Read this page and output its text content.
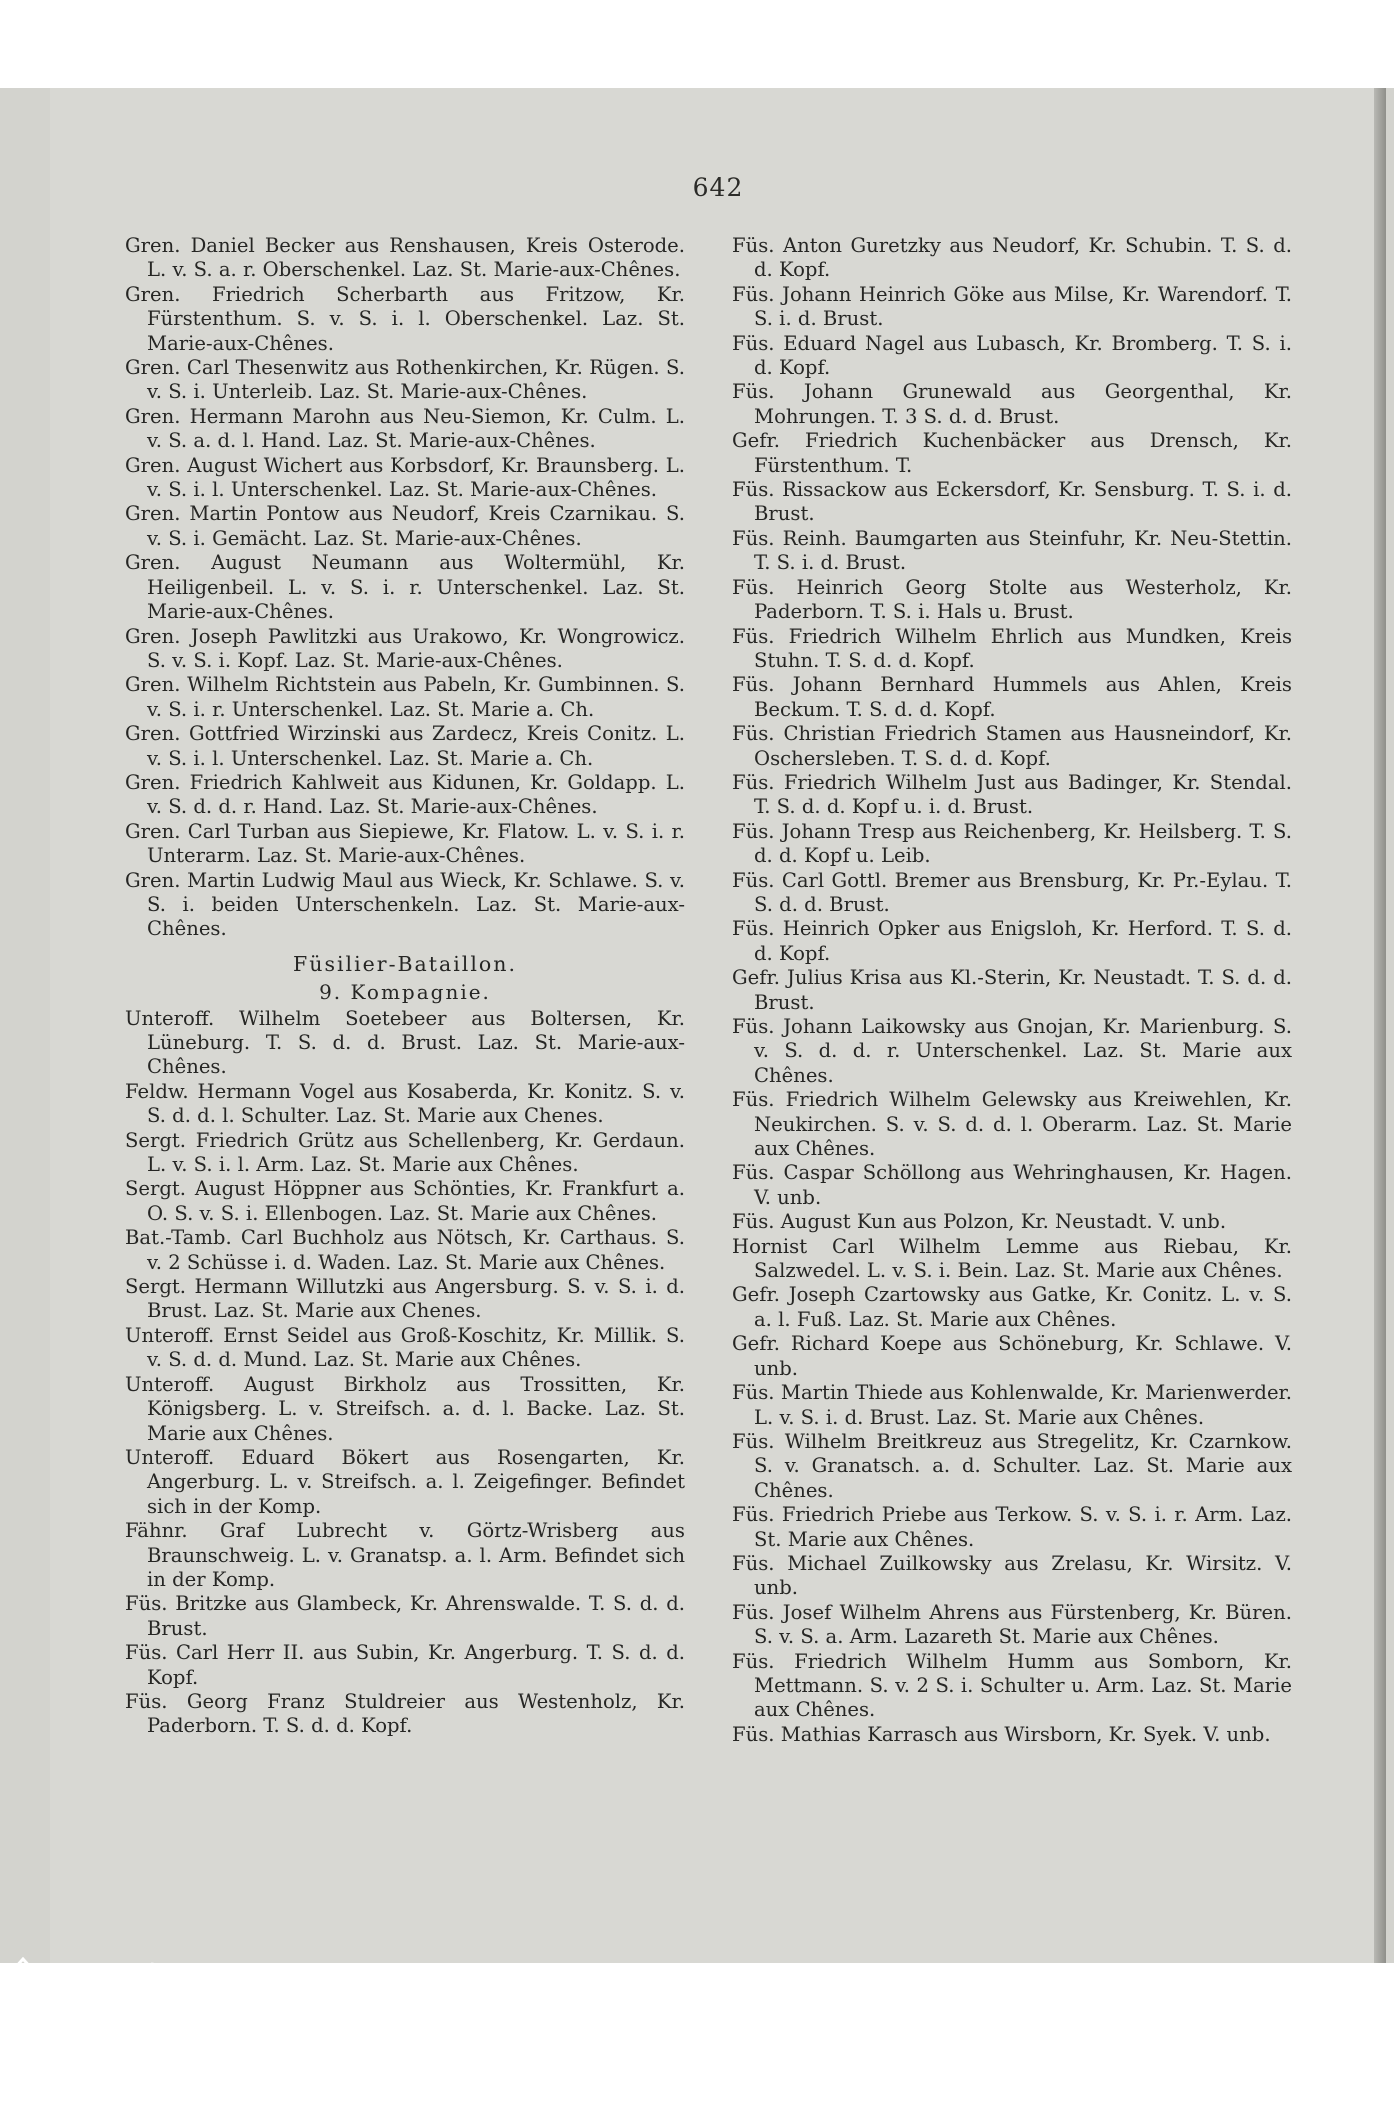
642

Gren. Daniel Becker aus Renshausen, Kreis Osterode. L. v. S. a. r. Oberschenkel. Laz. St. Marie-aux-Chênes.

Gren. Friedrich Scherbarth aus Fritzow, Kr. Fürstenthum. S. v. S. i. l. Oberschenkel. Laz. St. Marie-aux-Chênes.

Gren. Carl Thesenwitz aus Rothenkirchen, Kr. Rügen. S. v. S. i. Unterleib. Laz. St. Marie-aux-Chênes.

Gren. Hermann Marohn aus Neu-Siemon, Kr. Culm. L. v. S. a. d. l. Hand. Laz. St. Marie-aux-Chênes.

Gren. August Wichert aus Korbsdorf, Kr. Braunsberg. L. v. S. i. l. Unterschenkel. Laz. St. Marie-aux-Chênes.

Gren. Martin Pontow aus Neudorf, Kreis Czarnikau. S. v. S. i. Gemächt. Laz. St. Marie-aux-Chênes.

Gren. August Neumann aus Woltermühl, Kr. Heiligenbeil. L. v. S. i. r. Unterschenkel. Laz. St. Marie-aux-Chênes.

Gren. Joseph Pawlitzki aus Urakowo, Kr. Wongrowicz. S. v. S. i. Kopf. Laz. St. Marie-aux-Chênes.

Gren. Wilhelm Richtstein aus Pabeln, Kr. Gumbinnen. S. v. S. i. r. Unterschenkel. Laz. St. Marie a. Ch.

Gren. Gottfried Wirzinski aus Zardecz, Kreis Conitz. L. v. S. i. l. Unterschenkel. Laz. St. Marie a. Ch.

Gren. Friedrich Kahlweit aus Kidunen, Kr. Goldapp. L. v. S. d. d. r. Hand. Laz. St. Marie-aux-Chênes.

Gren. Carl Turban aus Siepiewe, Kr. Flatow. L. v. S. i. r. Unterarm. Laz. St. Marie-aux-Chênes.

Gren. Martin Ludwig Maul aus Wieck, Kr. Schlawe. S. v. S. i. beiden Unterschenkeln. Laz. St. Marie-aux-Chênes.

Füsilier-Bataillon.

9. Kompagnie.

Unteroff. Wilhelm Soetebeer aus Boltersen, Kr. Lüneburg. T. S. d. d. Brust. Laz. St. Marie-aux-Chênes.

Feldw. Hermann Vogel aus Kosaberda, Kr. Konitz. S. v. S. d. d. l. Schulter. Laz. St. Marie aux Chenes.

Sergt. Friedrich Grütz aus Schellenberg, Kr. Gerdaun. L. v. S. i. l. Arm. Laz. St. Marie aux Chênes.

Sergt. August Höppner aus Schönties, Kr. Frankfurt a. O. S. v. S. i. Ellenbogen. Laz. St. Marie aux Chênes.

Bat.-Tamb. Carl Buchholz aus Nötsch, Kr. Carthaus. S. v. 2 Schüsse i. d. Waden. Laz. St. Marie aux Chênes.

Sergt. Hermann Willutzki aus Angersburg. S. v. S. i. d. Brust. Laz. St. Marie aux Chenes.

Unteroff. Ernst Seidel aus Groß-Koschitz, Kr. Millik. S. v. S. d. d. Mund. Laz. St. Marie aux Chênes.

Unteroff. August Birkholz aus Trossitten, Kr. Königsberg. L. v. Streifsch. a. d. l. Backe. Laz. St. Marie aux Chênes.

Unteroff. Eduard Bökert aus Rosengarten, Kr. Angerburg. L. v. Streifsch. a. l. Zeigefinger. Befindet sich in der Komp.

Fähnr. Graf Lubrecht v. Görtz-Wrisberg aus Braunschweig. L. v. Granatsp. a. l. Arm. Befindet sich in der Komp.

Füs. Britzke aus Glambeck, Kr. Ahrenswalde. T. S. d. d. Brust.

Füs. Carl Herr II. aus Subin, Kr. Angerburg. T. S. d. d. Kopf.

Füs. Georg Franz Stuldreier aus Westenholz, Kr. Paderborn. T. S. d. d. Kopf.

Füs. Anton Guretzky aus Neudorf, Kr. Schubin. T. S. d. d. Kopf.

Füs. Johann Heinrich Göke aus Milse, Kr. Warendorf. T. S. i. d. Brust.

Füs. Eduard Nagel aus Lubasch, Kr. Bromberg. T. S. i. d. Kopf.

Füs. Johann Grunewald aus Georgenthal, Kr. Mohrungen. T. 3 S. d. d. Brust.

Gefr. Friedrich Kuchenbäcker aus Drensch, Kr. Fürstenthum. T.

Füs. Rissackow aus Eckersdorf, Kr. Sensburg. T. S. i. d. Brust.

Füs. Reinh. Baumgarten aus Steinfuhr, Kr. Neu-Stettin. T. S. i. d. Brust.

Füs. Heinrich Georg Stolte aus Westerholz, Kr. Paderborn. T. S. i. Hals u. Brust.

Füs. Friedrich Wilhelm Ehrlich aus Mundken, Kreis Stuhn. T. S. d. d. Kopf.

Füs. Johann Bernhard Hummels aus Ahlen, Kreis Beckum. T. S. d. d. Kopf.

Füs. Christian Friedrich Stamen aus Hausneindorf, Kr. Oschersleben. T. S. d. d. Kopf.

Füs. Friedrich Wilhelm Just aus Badinger, Kr. Stendal. T. S. d. d. Kopf u. i. d. Brust.

Füs. Johann Tresp aus Reichenberg, Kr. Heilsberg. T. S. d. d. Kopf u. Leib.

Füs. Carl Gottl. Bremer aus Brensburg, Kr. Pr.-Eylau. T. S. d. d. Brust.

Füs. Heinrich Opker aus Enigsloh, Kr. Herford. T. S. d. d. Kopf.

Gefr. Julius Krisa aus Kl.-Sterin, Kr. Neustadt. T. S. d. d. Brust.

Füs. Johann Laikowsky aus Gnojan, Kr. Marienburg. S. v. S. d. d. r. Unterschenkel. Laz. St. Marie aux Chênes.

Füs. Friedrich Wilhelm Gelewsky aus Kreiwehlen, Kr. Neukirchen. S. v. S. d. d. l. Oberarm. Laz. St. Marie aux Chênes.

Füs. Caspar Schöllong aus Wehringhausen, Kr. Hagen. V. unb.

Füs. August Kun aus Polzon, Kr. Neustadt. V. unb.

Hornist Carl Wilhelm Lemme aus Riebau, Kr. Salzwedel. L. v. S. i. Bein. Laz. St. Marie aux Chênes.

Gefr. Joseph Czartowsky aus Gatke, Kr. Conitz. L. v. S. a. l. Fuß. Laz. St. Marie aux Chênes.

Gefr. Richard Koepe aus Schöneburg, Kr. Schlawe. V. unb.

Füs. Martin Thiede aus Kohlenwalde, Kr. Marienwerder. L. v. S. i. d. Brust. Laz. St. Marie aux Chênes.

Füs. Wilhelm Breitkreuz aus Stregelitz, Kr. Czarnkow. S. v. Granatsch. a. d. Schulter. Laz. St. Marie aux Chênes.

Füs. Friedrich Priebe aus Terkow. S. v. S. i. r. Arm. Laz. St. Marie aux Chênes.

Füs. Michael Zuilkowsky aus Zrelasu, Kr. Wirsitz. V. unb.

Füs. Josef Wilhelm Ahrens aus Fürstenberg, Kr. Büren. S. v. S. a. Arm. Lazareth St. Marie aux Chênes.

Füs. Friedrich Wilhelm Humm aus Somborn, Kr. Mettmann. S. v. 2 S. i. Schulter u. Arm. Laz. St. Marie aux Chênes.

Füs. Mathias Karrasch aus Wirsborn, Kr. Syek. V. unb.

Universitäts- und
Landesbibliothek Düsseldorf
